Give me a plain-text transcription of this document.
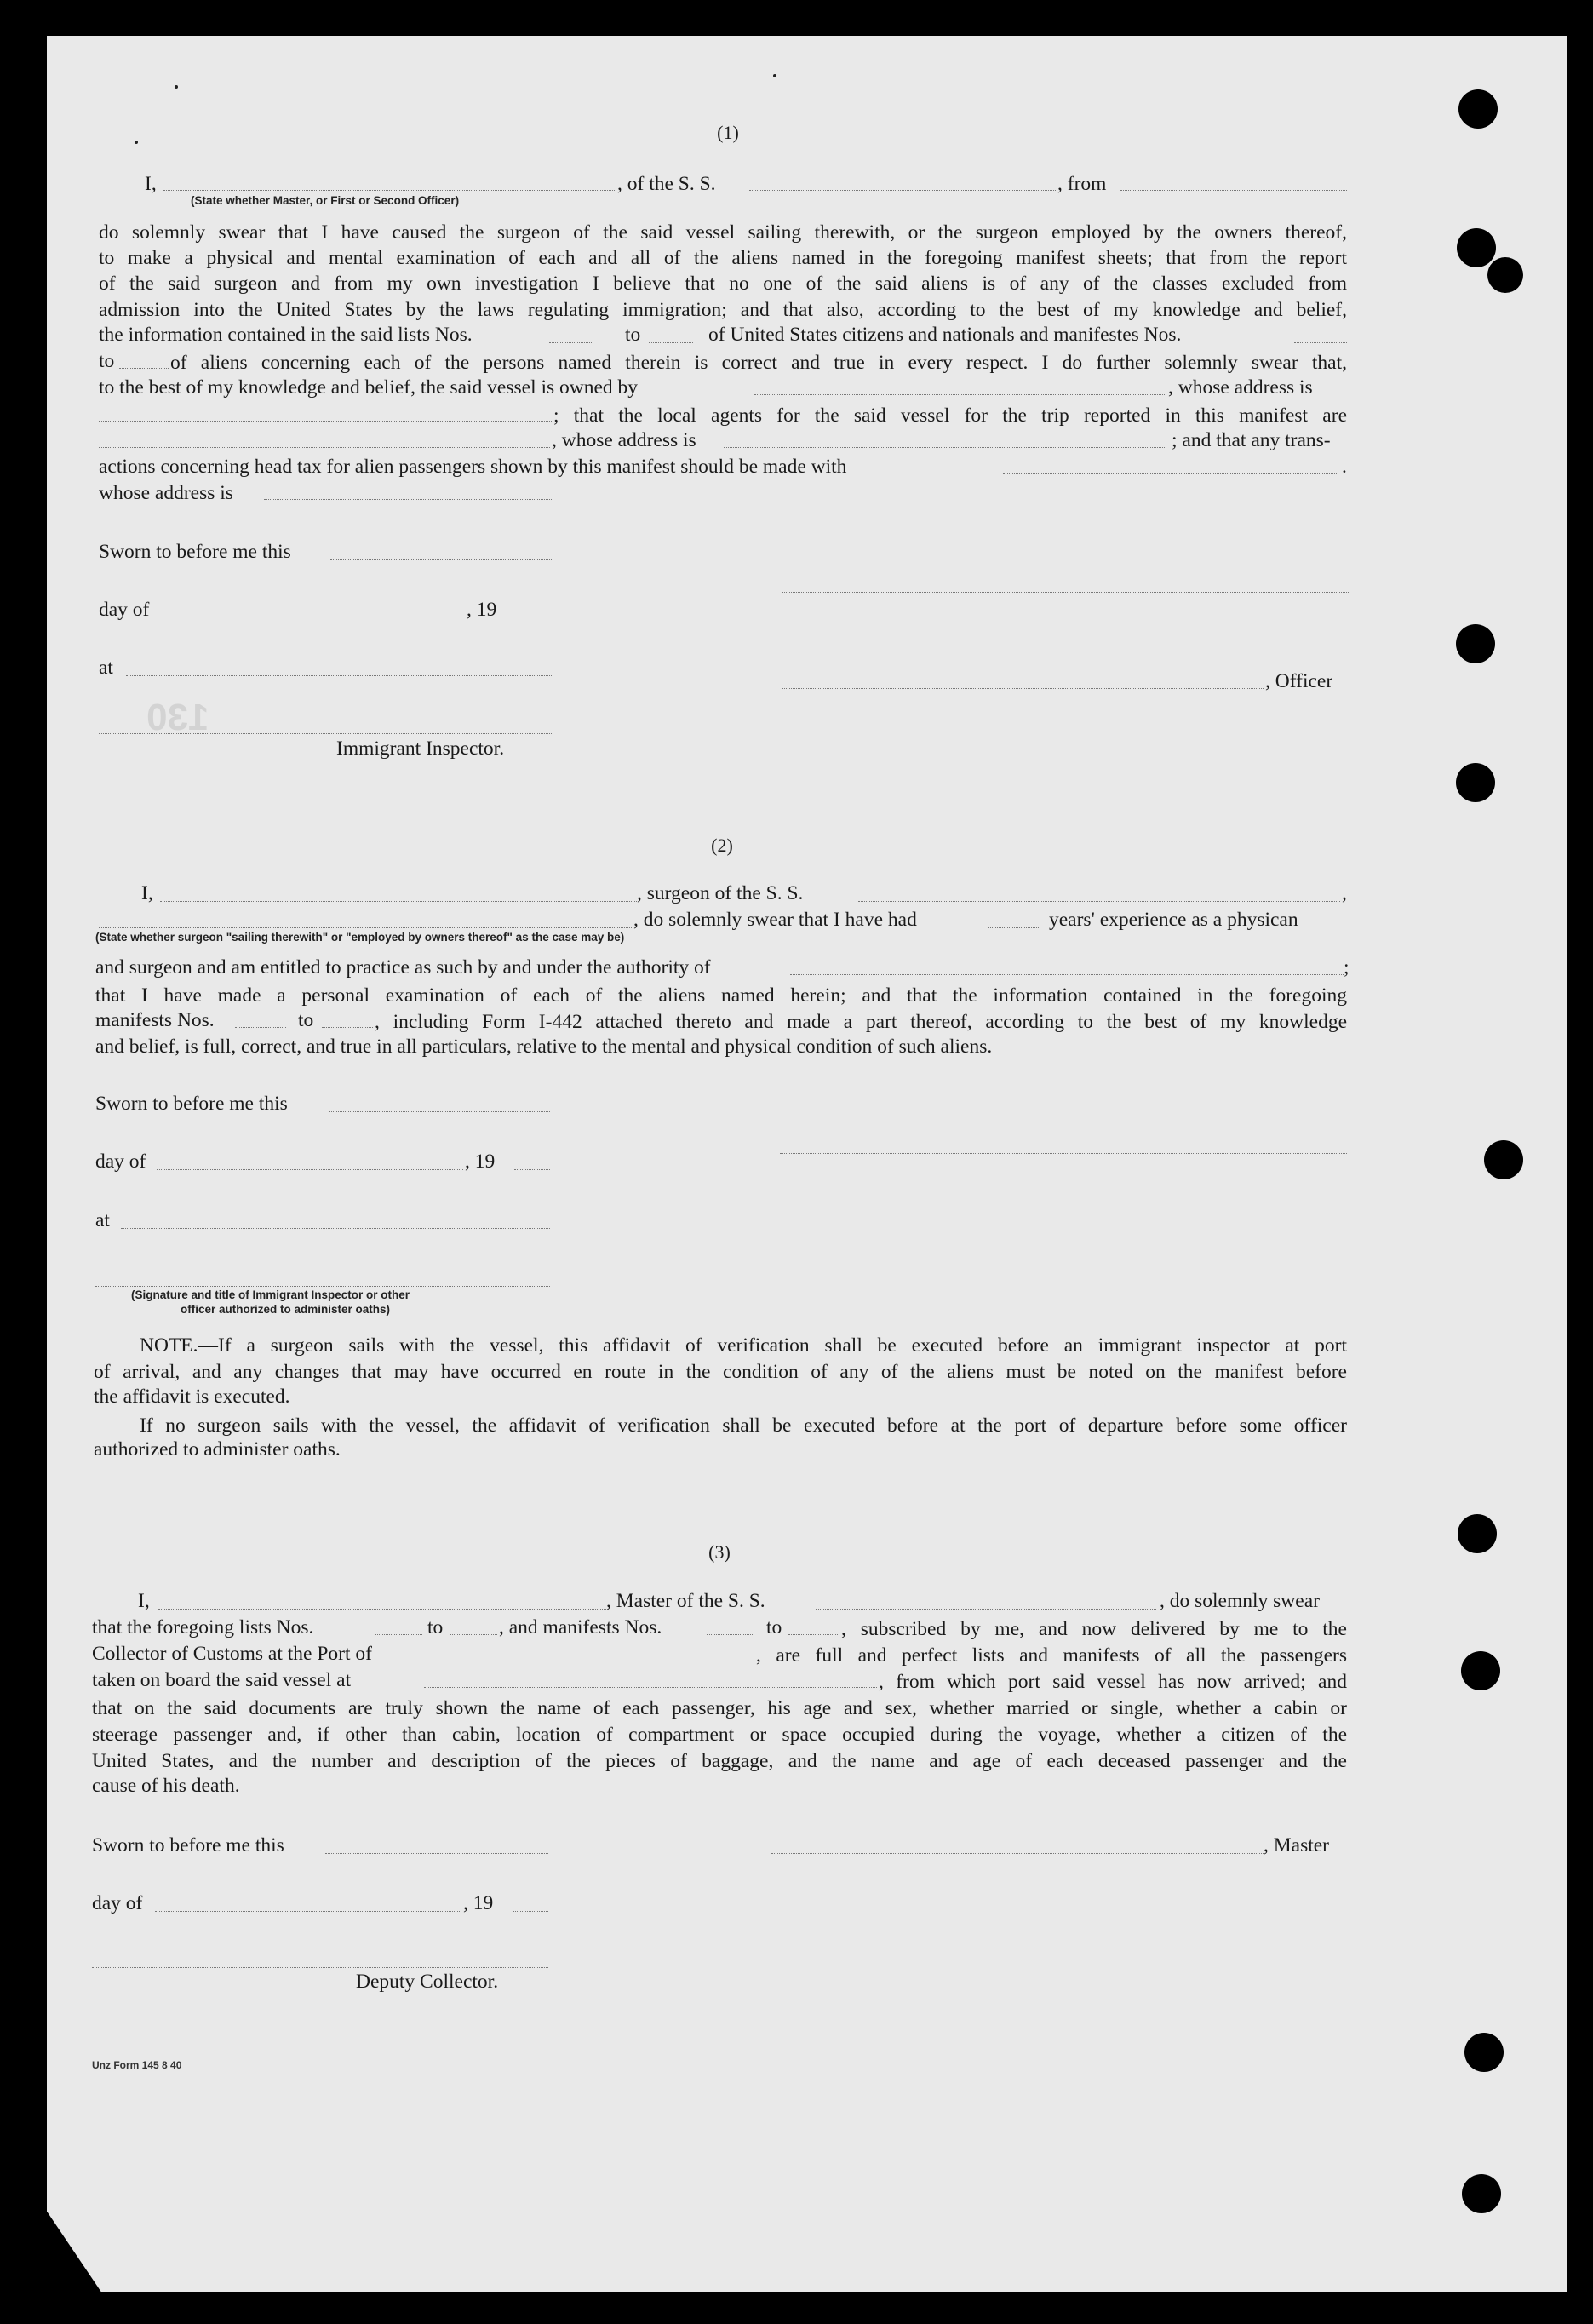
(1)
I,	, of the S. S.	, from
(State whether Master, or First or Second Officer)
do solemnly swear that I have caused the surgeon of the said vessel sailing therewith, or the surgeon employed by the owners thereof,
to make a physical and mental examination of each and all of the aliens named in the foregoing manifest sheets; that from the report
of the said surgeon and from my own investigation I believe that no one of the said aliens is of any of the classes excluded from
admission into the United States by the laws regulating immigration; and that also, according to the best of my knowledge and belief,
the information contained in the said lists Nos.	to	of United States citizens and nationals and manifestes Nos.
to	of aliens concerning each of the persons named therein is correct and true in every respect. I do further solemnly swear that,
to the best of my knowledge and belief, the said vessel is owned by	, whose address is
; that the local agents for the said vessel for the trip reported in this manifest are
, whose address is	; and that any trans-
actions concerning head tax for alien passengers shown by this manifest should be made with	.
whose address is
Sworn to before me this
day of	, 19
at
, Officer
130
Immigrant Inspector.
(2)
I,	, surgeon of the S. S.	,
, do solemnly swear that I have had	years' experience as a physican
(State whether surgeon "sailing therewith" or "employed by owners thereof" as the case may be)
and surgeon and am entitled to practice as such by and under the authority of	;
that I have made a personal examination of each of the aliens named herein; and that the information contained in the foregoing
manifests Nos.	to	, including Form I-442 attached thereto and made a part thereof, according to the best of my knowledge
and belief, is full, correct, and true in all particulars, relative to the mental and physical condition of such aliens.
Sworn to before me this
day of	, 19
at
(Signature and title of Immigrant Inspector or other
officer authorized to administer oaths)
NOTE.—If a surgeon sails with the vessel, this affidavit of verification shall be executed before an immigrant inspector at port
of arrival, and any changes that may have occurred en route in the condition of any of the aliens must be noted on the manifest before
the affidavit is executed.
If no surgeon sails with the vessel, the affidavit of verification shall be executed before at the port of departure before some officer
authorized to administer oaths.
(3)
I,	, Master of the S. S.	, do solemnly swear
that the foregoing lists Nos.	to	, and manifests Nos.	to	, subscribed by me, and now delivered by me to the
Collector of Customs at the Port of	, are full and perfect lists and manifests of all the passengers
taken on board the said vessel at	, from which port said vessel has now arrived; and
that on the said documents are truly shown the name of each passenger, his age and sex, whether married or single, whether a cabin or
steerage passenger and, if other than cabin, location of compartment or space occupied during the voyage, whether a citizen of the
United States, and the number and description of the pieces of baggage, and the name and age of each deceased passenger and the
cause of his death.
Sworn to before me this	, Master
day of	, 19
Deputy Collector.
Unz Form 145 8 40
